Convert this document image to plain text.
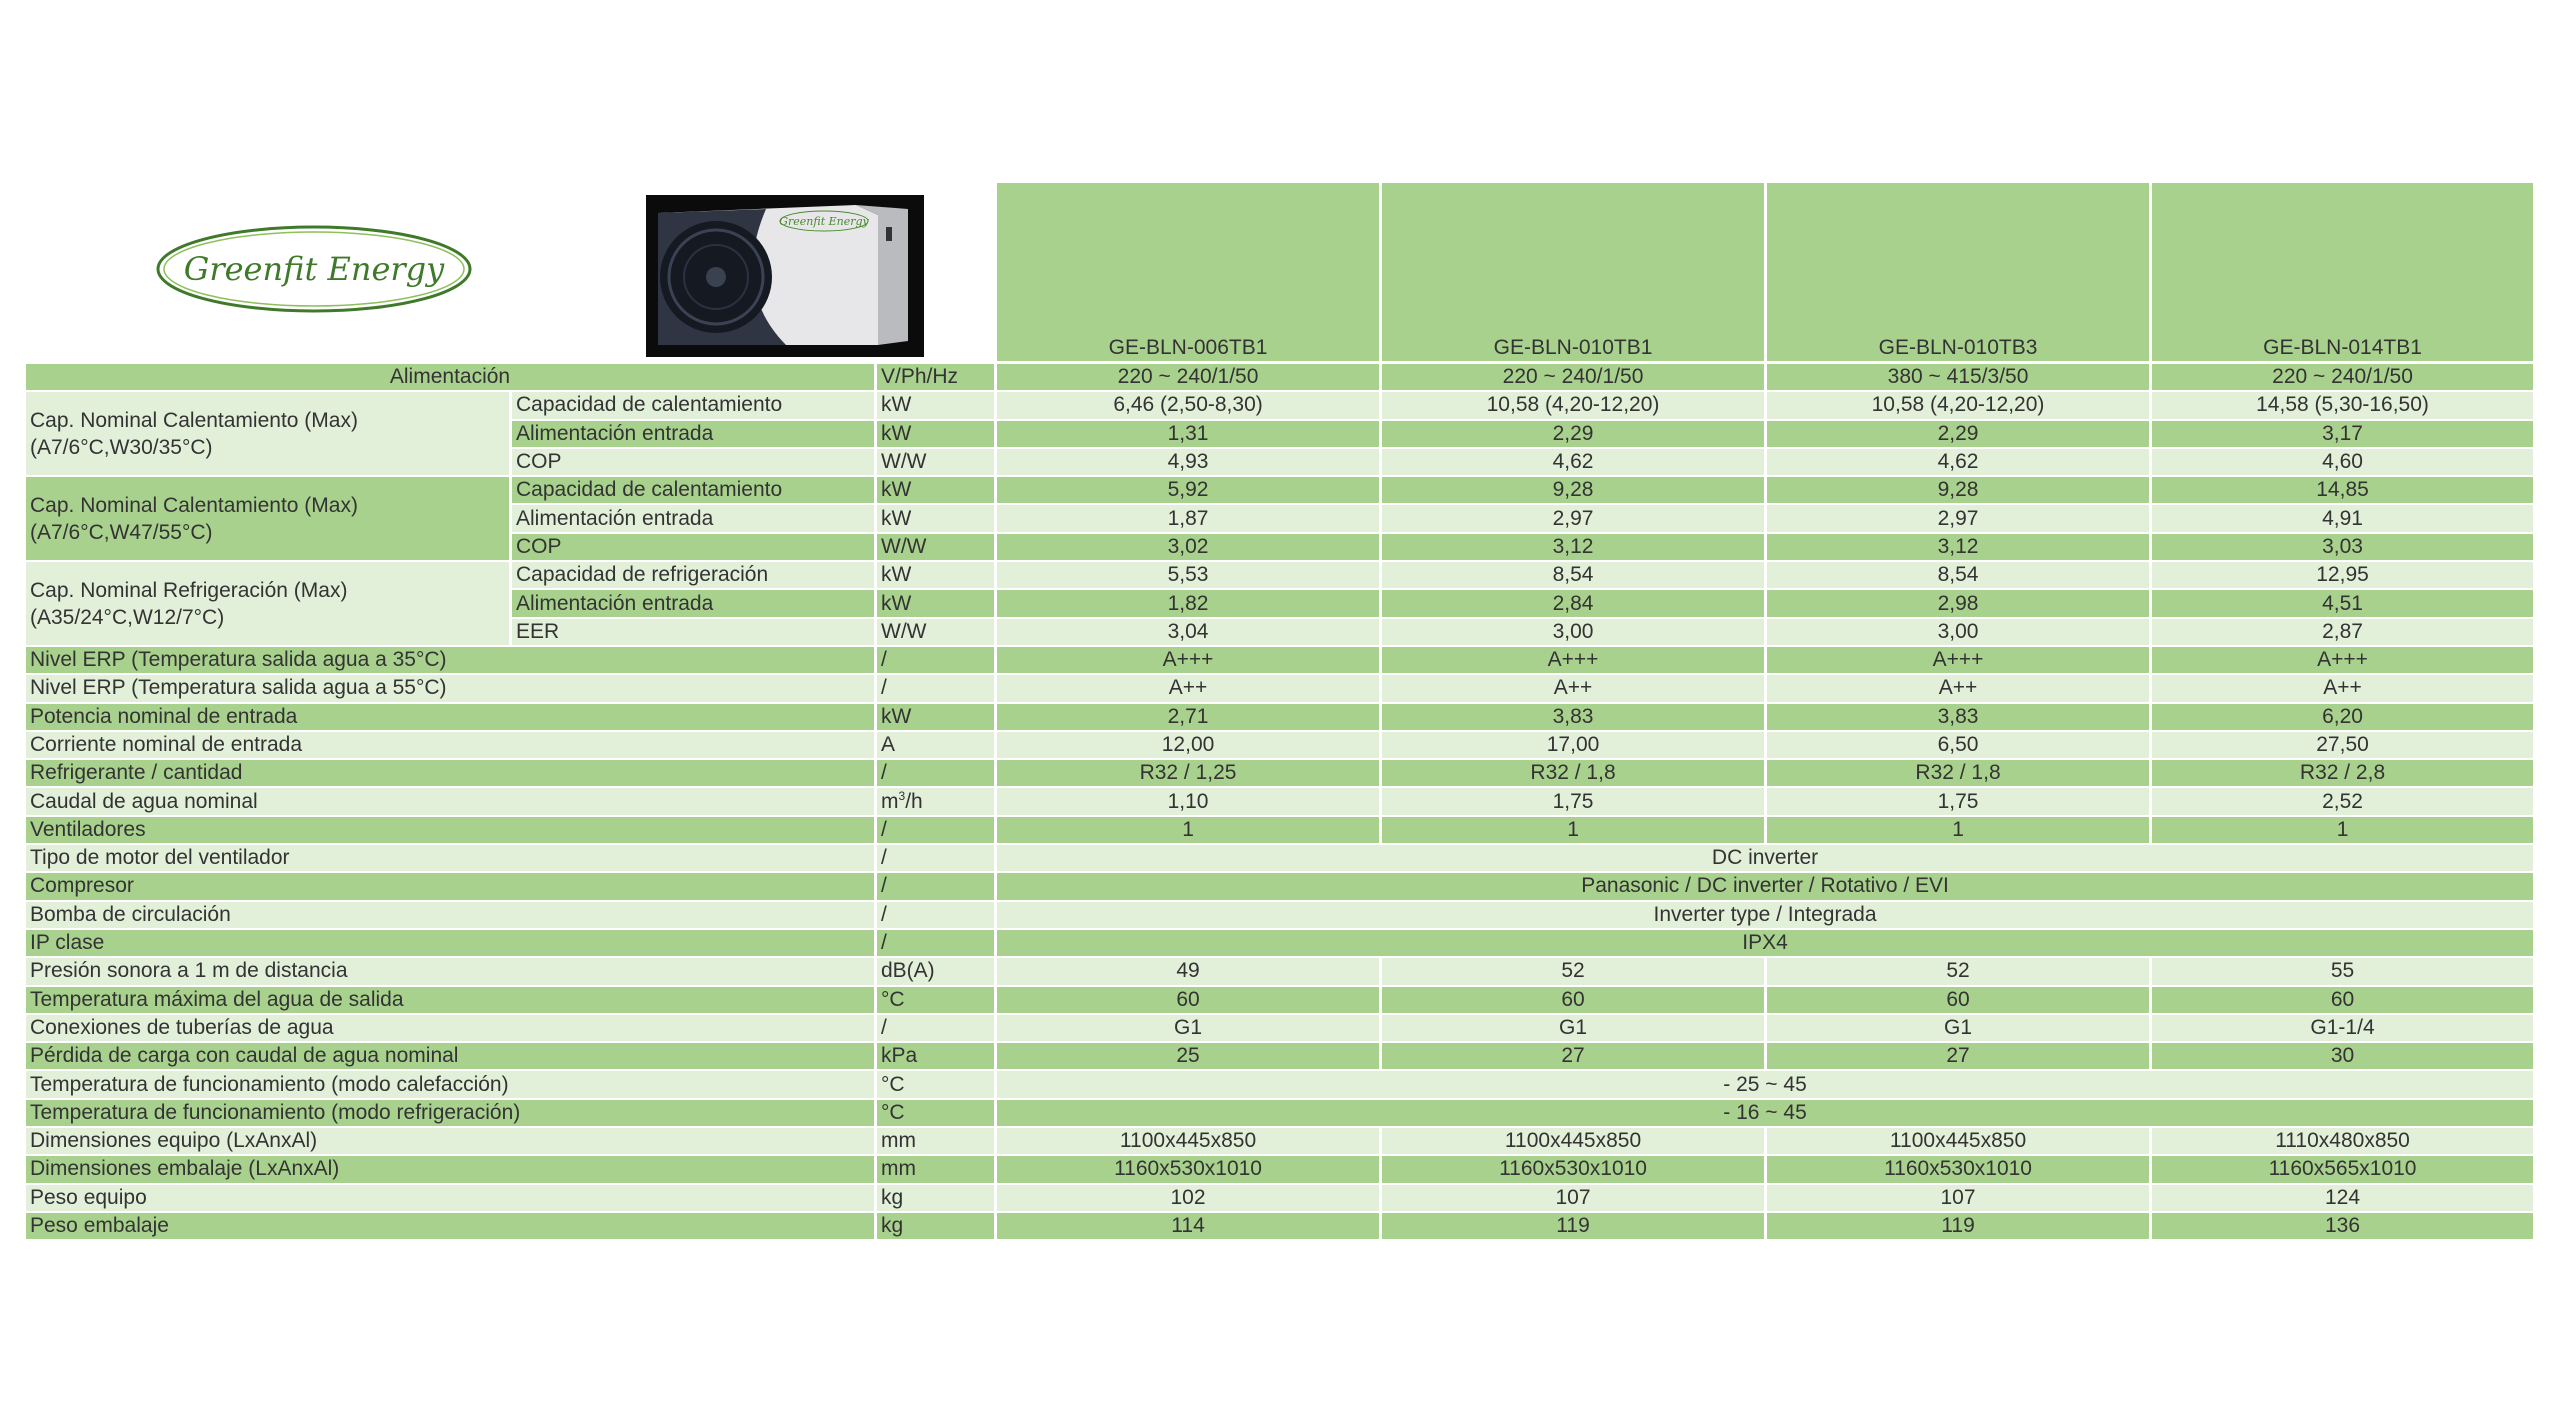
Greenfit Energy
Greenfit Energy
			GE-BLN-006TB1	GE-BLN-010TB1	GE-BLN-010TB3	GE-BLN-014TB1
Alimentación		V/Ph/Hz	220 ~ 240/1/50	220 ~ 240/1/50	380 ~ 415/3/50	220 ~ 240/1/50
Cap. Nominal Calentamiento (Max) (A7/6°C,W30/35°C)	Capacidad de calentamiento	kW	6,46 (2,50-8,30)	10,58 (4,20-12,20)	10,58 (4,20-12,20)	14,58 (5,30-16,50)
	Alimentación entrada	kW	1,31	2,29	2,29	3,17
	COP	W/W	4,93	4,62	4,62	4,60
Cap. Nominal Calentamiento (Max) (A7/6°C,W47/55°C)	Capacidad de calentamiento	kW	5,92	9,28	9,28	14,85
	Alimentación entrada	kW	1,87	2,97	2,97	4,91
	COP	W/W	3,02	3,12	3,12	3,03
Cap. Nominal Refrigeración (Max) (A35/24°C,W12/7°C)	Capacidad de refrigeración	kW	5,53	8,54	8,54	12,95
	Alimentación entrada	kW	1,82	2,84	2,98	4,51
	EER	W/W	3,04	3,00	3,00	2,87
Nivel ERP (Temperatura salida agua a 35°C)		/	A+++	A+++	A+++	A+++
Nivel ERP (Temperatura salida agua a 55°C)		/	A++	A++	A++	A++
Potencia nominal de entrada		kW	2,71	3,83	3,83	6,20
Corriente nominal de entrada		A	12,00	17,00	6,50	27,50
Refrigerante / cantidad		/	R32 / 1,25	R32 / 1,8	R32 / 1,8	R32 / 2,8
Caudal de agua nominal		$m^3/h$	1,10	1,75	1,75	2,52
Ventiladores		/	1	1	1	1
Tipo de motor del ventilador		/	DC inverter			
Compresor		/	Panasonic / DC inverter / Rotativo / EVI			
Bomba de circulación		/	Inverter type / Integrada			
IP clase		/	IPX4			
Presión sonora a 1 m de distancia		dB(A)	49	52	52	55
Temperatura máxima del agua de salida		°C	60	60	60	60
Conexiones de tuberías de agua		/	G1	G1	G1	G1-1/4
Pérdida de carga con caudal de agua nominal		kPa	25	27	27	30
Temperatura de funcionamiento (modo calefacción)		°C	- 25 ~ 45			
Temperatura de funcionamiento (modo refrigeración)		°C	- 16 ~ 45			
Dimensiones equipo (LxAnxAl)		mm	1100x445x850	1100x445x850	1100x445x850	1110x480x850
Dimensiones embalaje (LxAnxAl)		mm	1160x530x1010	1160x530x1010	1160x530x1010	1160x565x1010
Peso equipo		kg	102	107	107	124
Peso embalaje		kg	114	119	119	136
